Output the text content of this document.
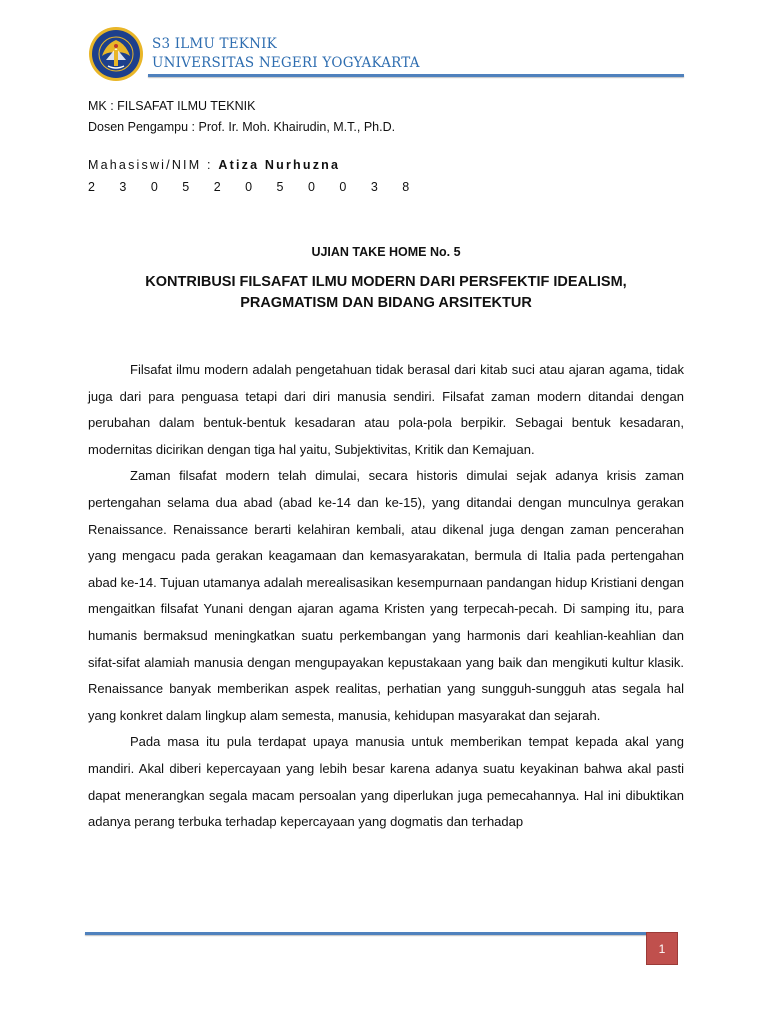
S3 ILMU TEKNIK
UNIVERSITAS NEGERI YOGYAKARTA
MK : FILSAFAT ILMU TEKNIK
Dosen Pengampu : Prof. Ir. Moh. Khairudin, M.T., Ph.D.
Mahasiswi/NIM : Atiza Nurhuzna
2 3 0 5 2 0 5 0 0 3 8
UJIAN TAKE HOME No. 5
KONTRIBUSI FILSAFAT ILMU MODERN DARI PERSFEKTIF IDEALISM,
PRAGMATISM DAN BIDANG ARSITEKTUR

Filsafat ilmu modern adalah pengetahuan tidak berasal dari kitab suci atau ajaran agama, tidak juga dari para penguasa tetapi dari diri manusia sendiri. Filsafat zaman modern ditandai dengan perubahan dalam bentuk-bentuk kesadaran atau pola-pola berpikir. Sebagai bentuk kesadaran, modernitas dicirikan dengan tiga hal yaitu, Subjektivitas, Kritik dan Kemajuan.

Zaman filsafat modern telah dimulai, secara historis dimulai sejak adanya krisis zaman pertengahan selama dua abad (abad ke-14 dan ke-15), yang ditandai dengan munculnya gerakan Renaissance. Renaissance berarti kelahiran kembali, atau dikenal juga dengan zaman pencerahan yang mengacu pada gerakan keagamaan dan kemasyarakatan, bermula di Italia pada pertengahan abad ke-14. Tujuan utamanya adalah merealisasikan kesempurnaan pandangan hidup Kristiani dengan mengaitkan filsafat Yunani dengan ajaran agama Kristen yang terpecah-pecah. Di samping itu, para humanis bermaksud meningkatkan suatu perkembangan yang harmonis dari keahlian-keahlian dan sifat-sifat alamiah manusia dengan mengupayakan kepustakaan yang baik dan mengikuti kultur klasik. Renaissance banyak memberikan aspek realitas, perhatian yang sungguh-sungguh atas segala hal yang konkret dalam lingkup alam semesta, manusia, kehidupan masyarakat dan sejarah.

Pada masa itu pula terdapat upaya manusia untuk memberikan tempat kepada akal yang mandiri. Akal diberi kepercayaan yang lebih besar karena adanya suatu keyakinan bahwa akal pasti dapat menerangkan segala macam persoalan yang diperlukan juga pemecahannya. Hal ini dibuktikan adanya perang terbuka terhadap kepercayaan yang dogmatis dan terhadap

1
